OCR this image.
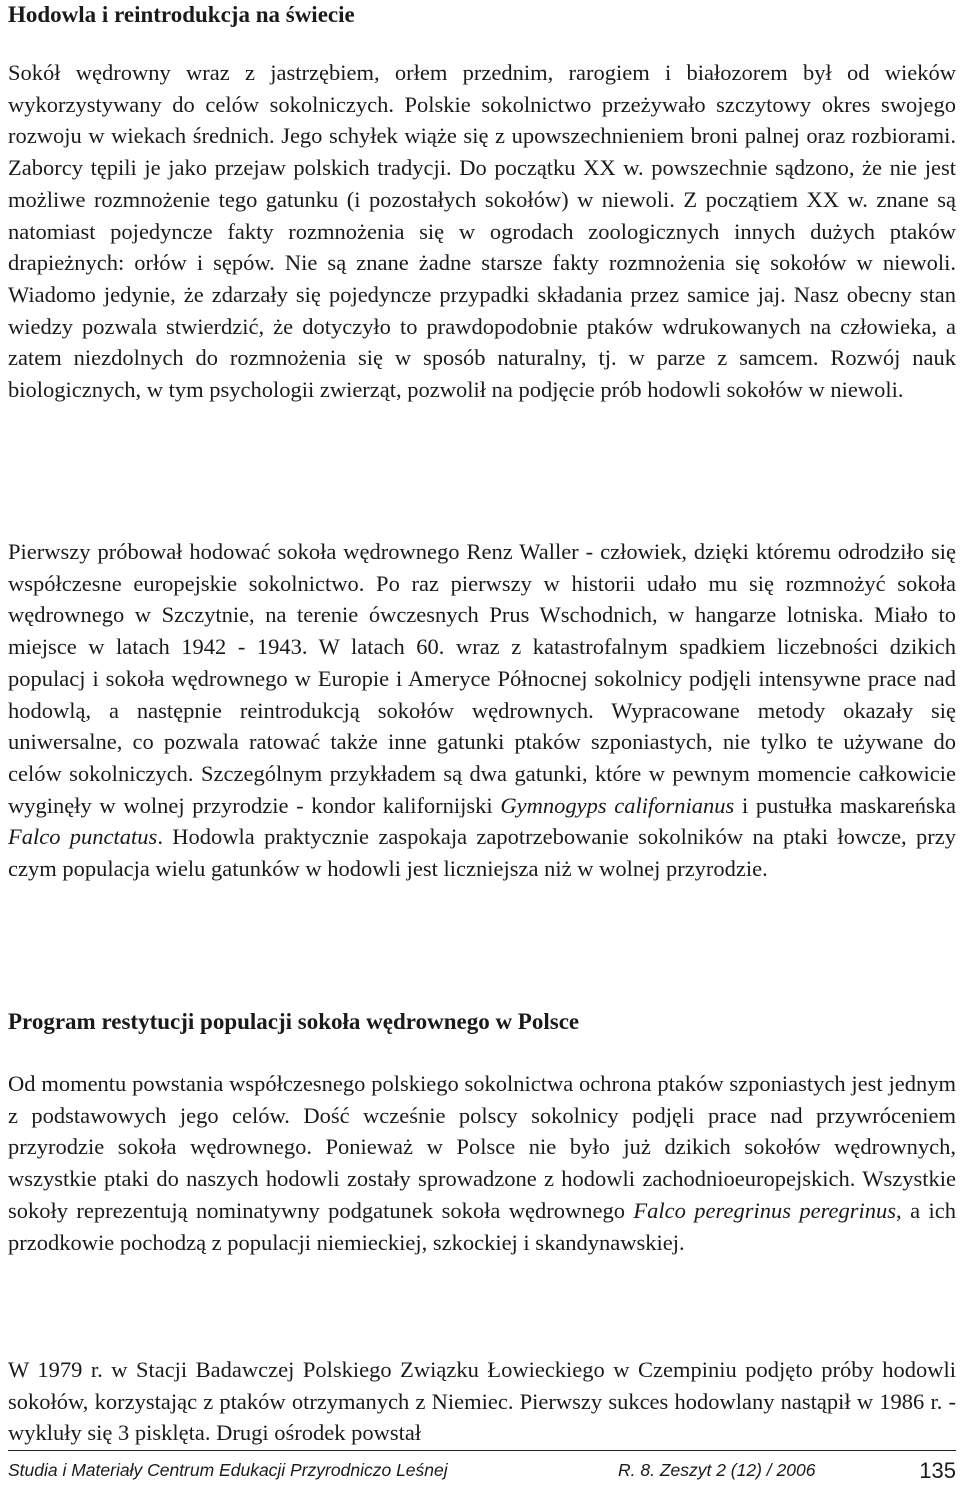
Hodowla i reintrodukcja na świecie

Sokół wędrowny wraz z jastrzębiem, orłem przednim, rarogiem i białozorem był od wieków wykorzystywany do celów sokolniczych. Polskie sokolnictwo przeżywało szczytowy okres swojego rozwoju w wiekach średnich. Jego schyłek wiąże się z upowszechnieniem broni palnej oraz rozbiorami. Zaborcy tępili je jako przejaw polskich tradycji. Do początku XX w. powszechnie sądzono, że nie jest możliwe rozmnożenie tego gatunku (i pozostałych sokołów) w niewoli. Z początiem XX w. znane są natomiast pojedyncze fakty rozmnożenia się w ogrodach zoologicznych innych dużych ptaków drapieżnych: orłów i sępów. Nie są znane żadne starsze fakty rozmnożenia się sokołów w niewoli. Wiadomo jedynie, że zdarzały się pojedyncze przypadki składania przez samice jaj. Nasz obecny stan wiedzy pozwala stwierdzić, że dotyczyło to prawdopodobnie ptaków wdrukowanych na człowieka, a zatem niezdolnych do rozmnożenia się w sposób naturalny, tj. w parze z samcem. Rozwój nauk biologicznych, w tym psychologii zwierząt, pozwolił na podjęcie prób hodowli sokołów w niewoli.

Pierwszy próbował hodować sokoła wędrownego Renz Waller - człowiek, dzięki któremu odrodziło się współczesne europejskie sokolnictwo. Po raz pierwszy w historii udało mu się rozmnożyć sokoła wędrownego w Szczytnie, na terenie ówczesnych Prus Wschodnich, w hangarze lotniska. Miało to miejsce w latach 1942 - 1943. W latach 60. wraz z katastrofalnym spadkiem liczebności dzikich populacj i sokoła wędrownego w Europie i Ameryce Północnej sokolnicy podjęli intensywne prace nad hodowlą, a następnie reintrodukcją sokołów wędrownych. Wypracowane metody okazały się uniwersalne, co pozwala ratować także inne gatunki ptaków szponiastych, nie tylko te używane do celów sokolniczych. Szczególnym przykładem są dwa gatunki, które w pewnym momencie całkowicie wyginęły w wolnej przyrodzie - kondor kalifornijski Gymnogyps californianus i pustułka maskareńska Falco punctatus. Hodowla praktycznie zaspokaja zapotrzebowanie sokolników na ptaki łowcze, przy czym populacja wielu gatunków w hodowli jest liczniejsza niż w wolnej przyrodzie.

Program restytucji populacji sokoła wędrownego w Polsce

Od momentu powstania współczesnego polskiego sokolnictwa ochrona ptaków szponiastych jest jednym z podstawowych jego celów. Dość wcześnie polscy sokolnicy podjęli prace nad przywróceniem przyrodzie sokoła wędrownego. Ponieważ w Polsce nie było już dzikich sokołów wędrownych, wszystkie ptaki do naszych hodowli zostały sprowadzone z hodowli zachodnioeuropejskich. Wszystkie sokoły reprezentują nominatywny podgatunek sokoła wędrownego Falco peregrinus peregrinus, a ich przodkowie pochodzą z populacji niemieckiej, szkockiej i skandynawskiej.

W 1979 r. w Stacji Badawczej Polskiego Związku Łowieckiego w Czempiniu podjęto próby hodowli sokołów, korzystając z ptaków otrzymanych z Niemiec. Pierwszy sukces hodowlany nastąpił w 1986 r. - wykluły się 3 pisklęta. Drugi ośrodek powstał

Studia i Materiały Centrum Edukacji Przyrodniczo Leśnej	R. 8. Zeszyt 2 (12) / 2006	135
